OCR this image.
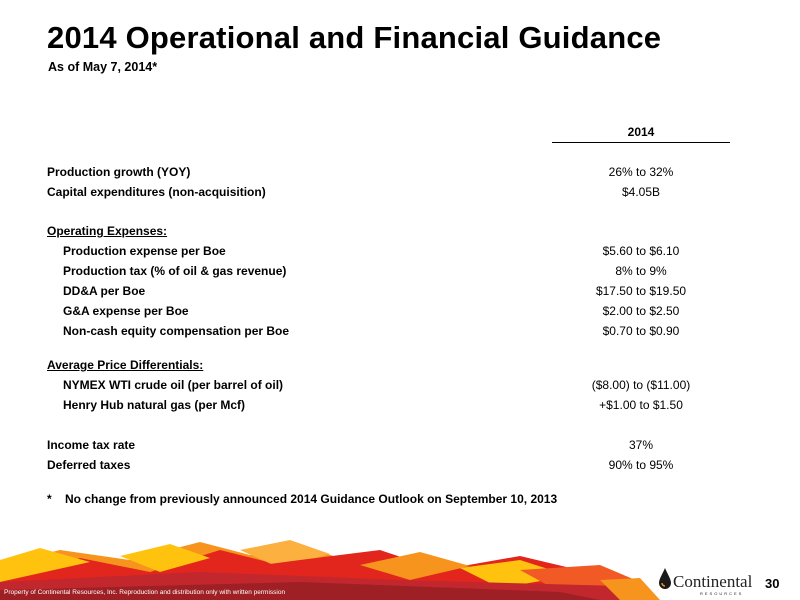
2014 Operational and Financial Guidance
As of May 7, 2014*
2014
Production growth (YOY)	26% to 32%
Capital expenditures (non-acquisition)	$4.05B
Operating Expenses:
Production expense per Boe	$5.60 to $6.10
Production tax (% of oil & gas revenue)	8% to 9%
DD&A per Boe	$17.50 to $19.50
G&A expense per Boe	$2.00 to $2.50
Non-cash equity compensation per Boe	$0.70 to $0.90
Average Price Differentials:
NYMEX WTI crude oil (per barrel of oil)	($8.00) to ($11.00)
Henry Hub natural gas (per Mcf)	+$1.00 to $1.50
Income tax rate	37%
Deferred taxes	90% to 95%
* No change from previously announced 2014 Guidance Outlook on September 10, 2013
Property of Continental Resources, Inc. Reproduction and distribution only with written permission
Continental
RESOURCES
30
